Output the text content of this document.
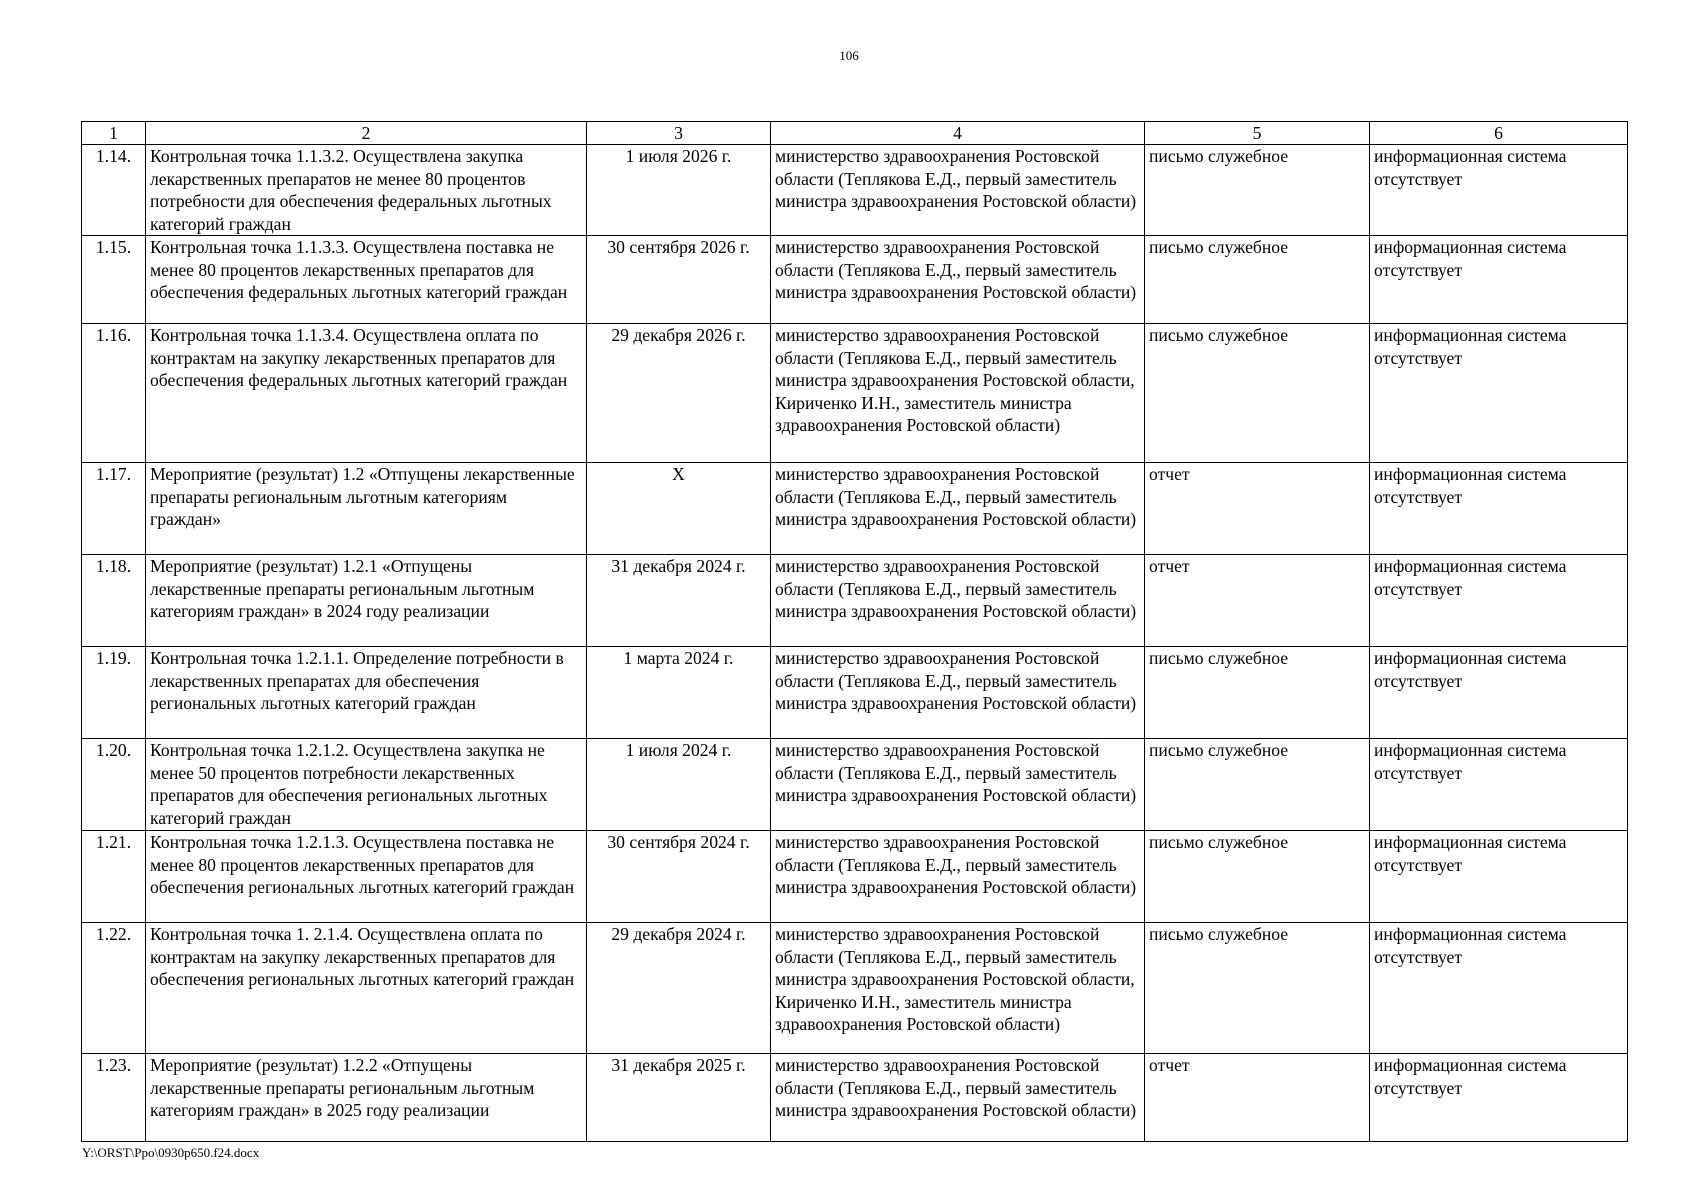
106
1	2	3	4	5	6
1.14.	Контрольная точка 1.1.3.2. Осуществлена закупка лекарственных препаратов не менее 80 процентов потребности для обеспечения федеральных льготных категорий граждан	1 июля 2026 г.	министерство здравоохранения Ростовской области (Теплякова Е.Д., первый заместитель министра здравоохранения Ростовской области)	письмо служебное	информационная система отсутствует
1.15.	Контрольная точка 1.1.3.3. Осуществлена поставка не менее 80 процентов лекарственных препаратов для обеспечения федеральных льготных категорий граждан	30 сентября 2026 г.	министерство здравоохранения Ростовской области (Теплякова Е.Д., первый заместитель министра здравоохранения Ростовской области)	письмо служебное	информационная система отсутствует
1.16.	Контрольная точка 1.1.3.4. Осуществлена оплата по контрактам на закупку лекарственных препаратов для обеспечения федеральных льготных категорий граждан	29 декабря 2026 г.	министерство здравоохранения Ростовской области (Теплякова Е.Д., первый заместитель министра здравоохранения Ростовской области, Кириченко И.Н., заместитель министра здравоохранения Ростовской области)	письмо служебное	информационная система отсутствует
1.17.	Мероприятие (результат) 1.2 «Отпущены лекарственные препараты региональным льготным категориям граждан»	X	министерство здравоохранения Ростовской области (Теплякова Е.Д., первый заместитель министра здравоохранения Ростовской области)	отчет	информационная система отсутствует
1.18.	Мероприятие (результат) 1.2.1 «Отпущены лекарственные препараты региональным льготным категориям граждан» в 2024 году реализации	31 декабря 2024 г.	министерство здравоохранения Ростовской области (Теплякова Е.Д., первый заместитель министра здравоохранения Ростовской области)	отчет	информационная система отсутствует
1.19.	Контрольная точка 1.2.1.1. Определение потребности в лекарственных препаратах для обеспечения региональных льготных категорий граждан	1 марта 2024 г.	министерство здравоохранения Ростовской области (Теплякова Е.Д., первый заместитель министра здравоохранения Ростовской области)	письмо служебное	информационная система отсутствует
1.20.	Контрольная точка 1.2.1.2. Осуществлена закупка не менее 50 процентов потребности лекарственных препаратов для обеспечения региональных льготных категорий граждан	1 июля 2024 г.	министерство здравоохранения Ростовской области (Теплякова Е.Д., первый заместитель министра здравоохранения Ростовской области)	письмо служебное	информационная система отсутствует
1.21.	Контрольная точка 1.2.1.3. Осуществлена поставка не менее 80 процентов лекарственных препаратов для обеспечения региональных льготных категорий граждан	30 сентября 2024 г.	министерство здравоохранения Ростовской области (Теплякова Е.Д., первый заместитель министра здравоохранения Ростовской области)	письмо служебное	информационная система отсутствует
1.22.	Контрольная точка 1. 2.1.4. Осуществлена оплата по контрактам на закупку лекарственных препаратов для обеспечения региональных льготных категорий граждан	29 декабря 2024 г.	министерство здравоохранения Ростовской области (Теплякова Е.Д., первый заместитель министра здравоохранения Ростовской области, Кириченко И.Н., заместитель министра здравоохранения Ростовской области)	письмо служебное	информационная система отсутствует
1.23.	Мероприятие (результат) 1.2.2 «Отпущены лекарственные препараты региональным льготным категориям граждан» в 2025 году реализации	31 декабря 2025 г.	министерство здравоохранения Ростовской области (Теплякова Е.Д., первый заместитель министра здравоохранения Ростовской области)	отчет	информационная система отсутствует
Y:\ORST\Ppo\0930p650.f24.docx
